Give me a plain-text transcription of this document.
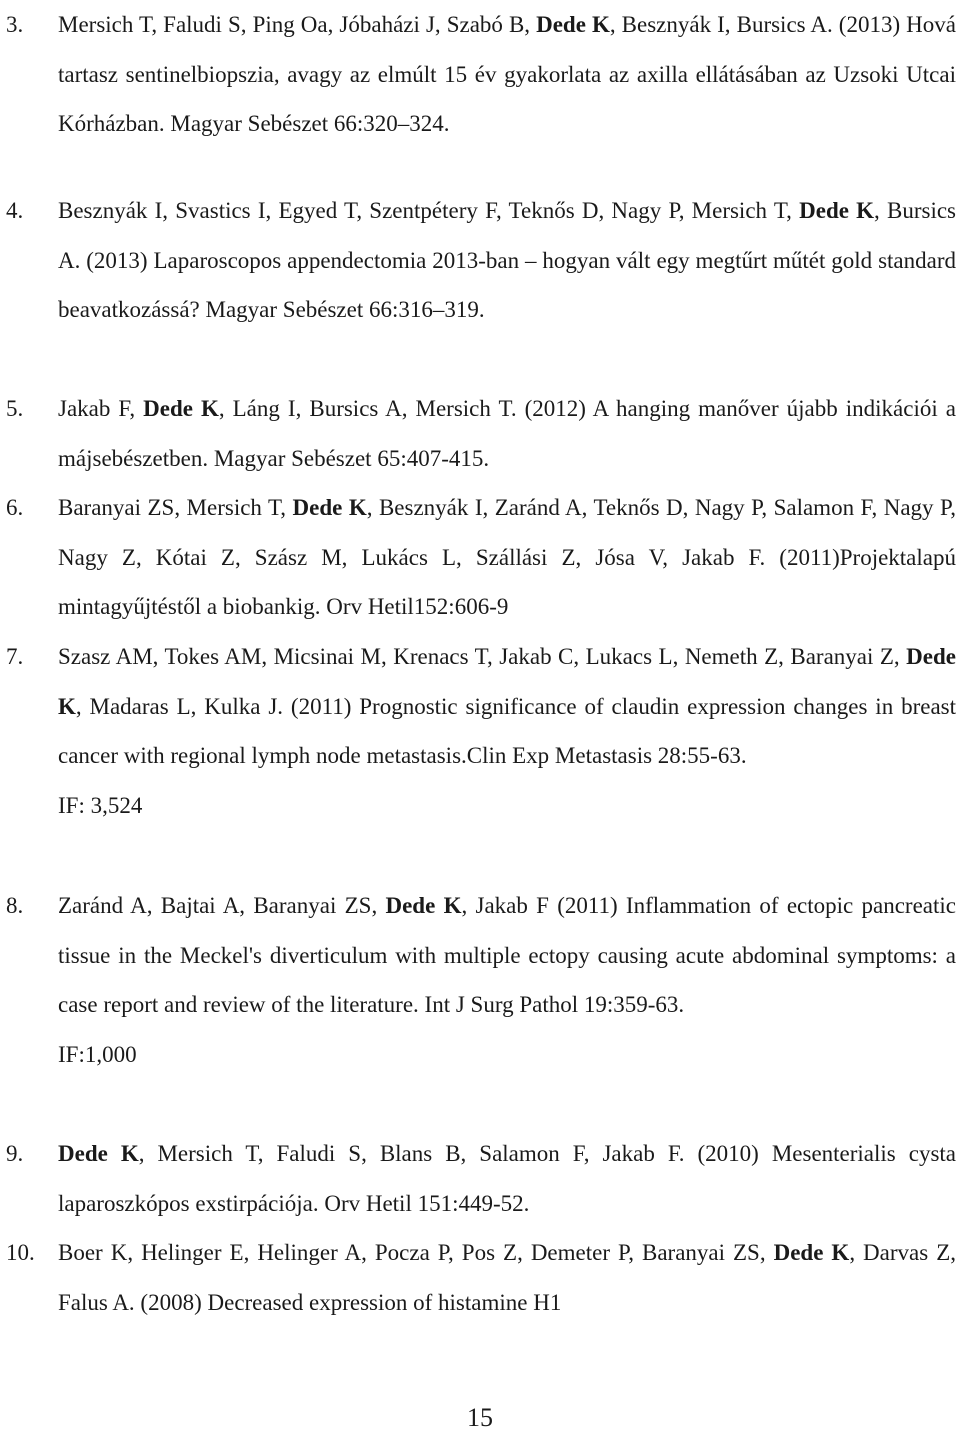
3. Mersich T, Faludi S, Ping Oa, Jóbaházi J, Szabó B, Dede K, Besznyák I, Bursics A. (2013) Hová tartasz sentinelbiopszia, avagy az elmúlt 15 év gyakorlata az axilla ellátásában az Uzsoki Utcai Kórházban. Magyar Sebészet 66:320–324.

4. Besznyák I, Svastics I, Egyed T, Szentpétery F, Teknős D, Nagy P, Mersich T, Dede K, Bursics A. (2013) Laparoscopos appendectomia 2013-ban – hogyan vált egy megtűrt műtét gold standard beavatkozássá? Magyar Sebészet 66:316–319.

5. Jakab F, Dede K, Láng I, Bursics A, Mersich T. (2012) A hanging manőver újabb indikációi a májsebészetben. Magyar Sebészet 65:407-415.

6. Baranyai ZS, Mersich T, Dede K, Besznyák I, Zaránd A, Teknős D, Nagy P, Salamon F, Nagy P, Nagy Z, Kótai Z, Szász M, Lukács L, Szállási Z, Jósa V, Jakab F. (2011)Projektalapú mintagyűjtéstől a biobankig. Orv Hetil152:606-9

7. Szasz AM, Tokes AM, Micsinai M, Krenacs T, Jakab C, Lukacs L, Nemeth Z, Baranyai Z, Dede K, Madaras L, Kulka J. (2011) Prognostic significance of claudin expression changes in breast cancer with regional lymph node metastasis.Clin Exp Metastasis 28:55-63.
IF: 3,524

8. Zaránd A, Bajtai A, Baranyai ZS, Dede K, Jakab F (2011) Inflammation of ectopic pancreatic tissue in the Meckel's diverticulum with multiple ectopy causing acute abdominal symptoms: a case report and review of the literature. Int J Surg Pathol 19:359-63.
IF:1,000

9. Dede K, Mersich T, Faludi S, Blans B, Salamon F, Jakab F. (2010) Mesenterialis cysta laparoszkópos exstirpációja. Orv Hetil 151:449-52.

10. Boer K, Helinger E, Helinger A, Pocza P, Pos Z, Demeter P, Baranyai ZS, Dede K, Darvas Z, Falus A. (2008) Decreased expression of histamine H1

15
